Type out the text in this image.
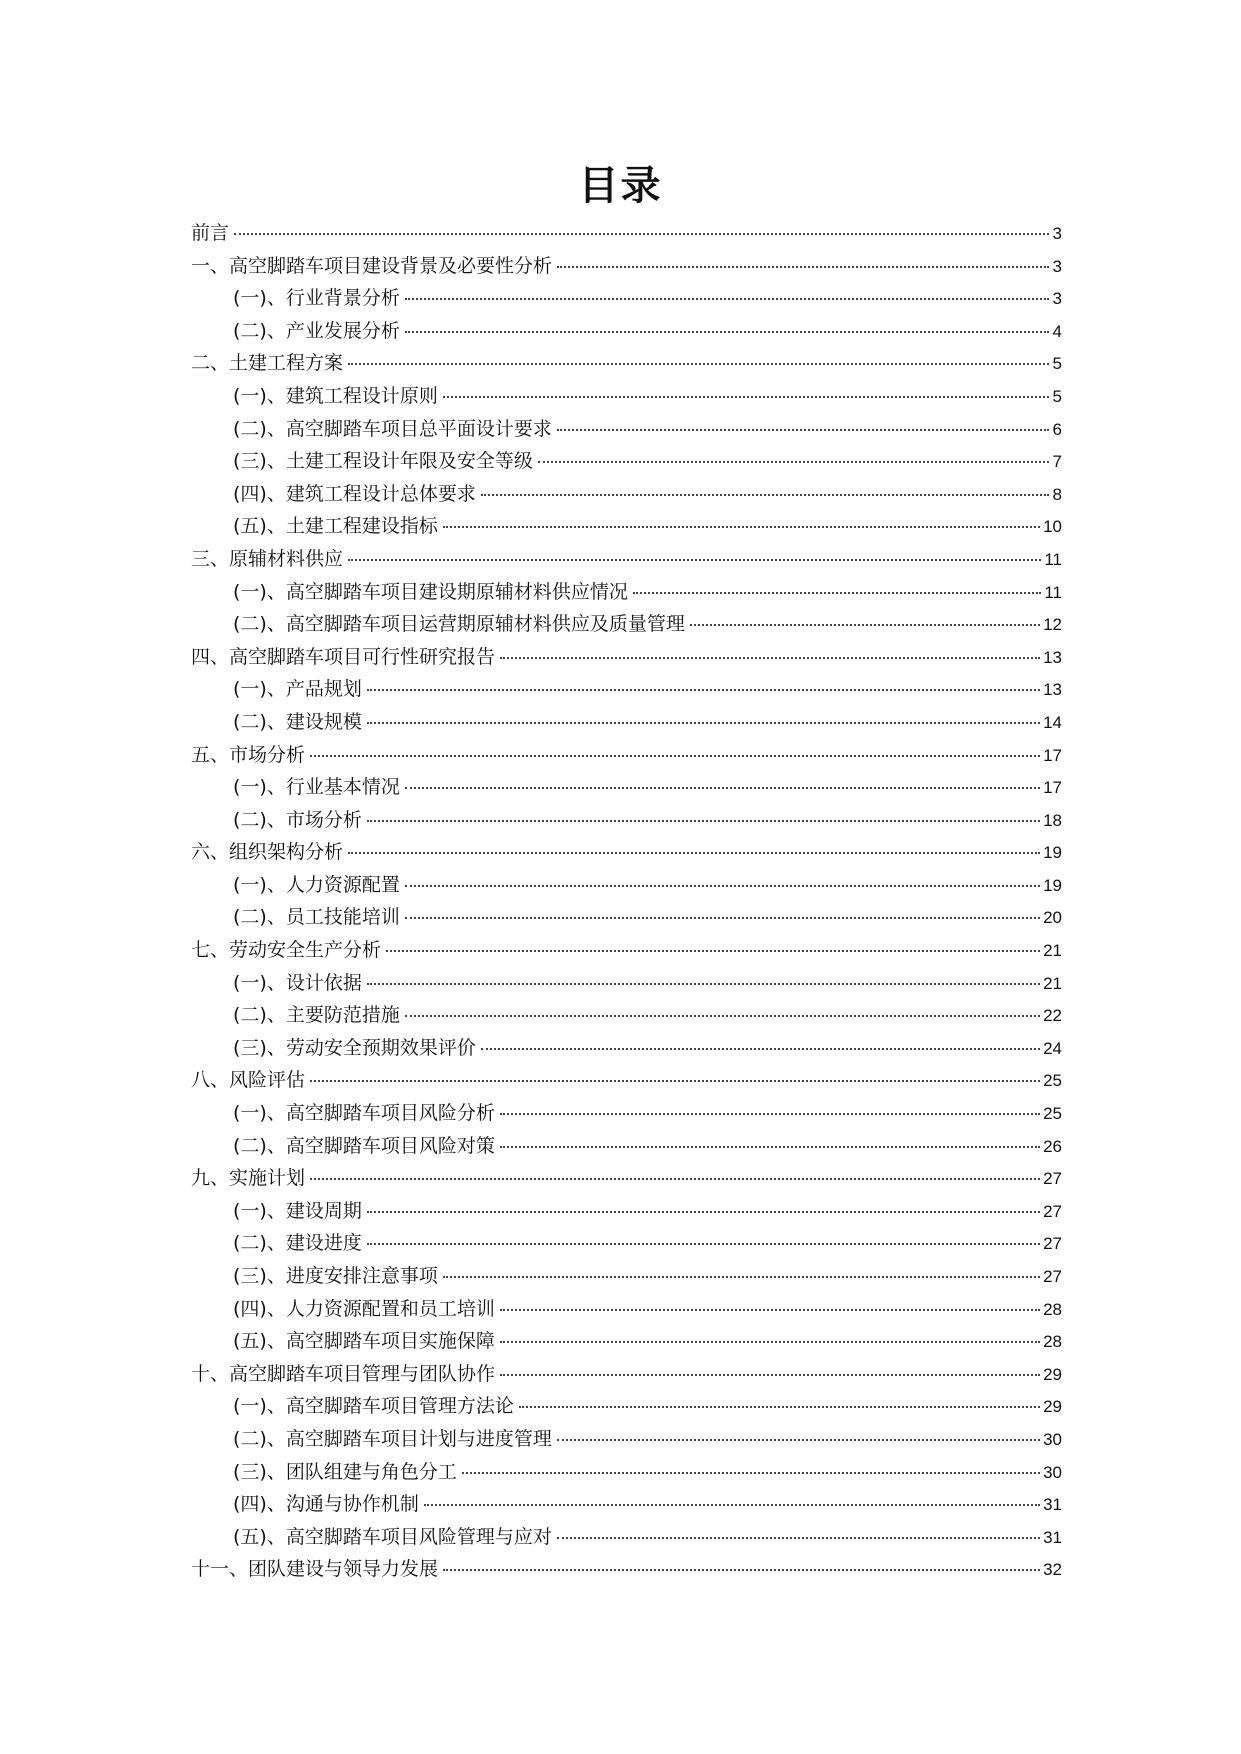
目录
前言	3
一、高空脚踏车项目建设背景及必要性分析	3
(一)、行业背景分析	3
(二)、产业发展分析	4
二、土建工程方案	5
(一)、建筑工程设计原则	5
(二)、高空脚踏车项目总平面设计要求	6
(三)、土建工程设计年限及安全等级	7
(四)、建筑工程设计总体要求	8
(五)、土建工程建设指标	10
三、原辅材料供应	11
(一)、高空脚踏车项目建设期原辅材料供应情况	11
(二)、高空脚踏车项目运营期原辅材料供应及质量管理	12
四、高空脚踏车项目可行性研究报告	13
(一)、产品规划	13
(二)、建设规模	14
五、市场分析	17
(一)、行业基本情况	17
(二)、市场分析	18
六、组织架构分析	19
(一)、人力资源配置	19
(二)、员工技能培训	20
七、劳动安全生产分析	21
(一)、设计依据	21
(二)、主要防范措施	22
(三)、劳动安全预期效果评价	24
八、风险评估	25
(一)、高空脚踏车项目风险分析	25
(二)、高空脚踏车项目风险对策	26
九、实施计划	27
(一)、建设周期	27
(二)、建设进度	27
(三)、进度安排注意事项	27
(四)、人力资源配置和员工培训	28
(五)、高空脚踏车项目实施保障	28
十、高空脚踏车项目管理与团队协作	29
(一)、高空脚踏车项目管理方法论	29
(二)、高空脚踏车项目计划与进度管理	30
(三)、团队组建与角色分工	30
(四)、沟通与协作机制	31
(五)、高空脚踏车项目风险管理与应对	31
十一、团队建设与领导力发展	32
